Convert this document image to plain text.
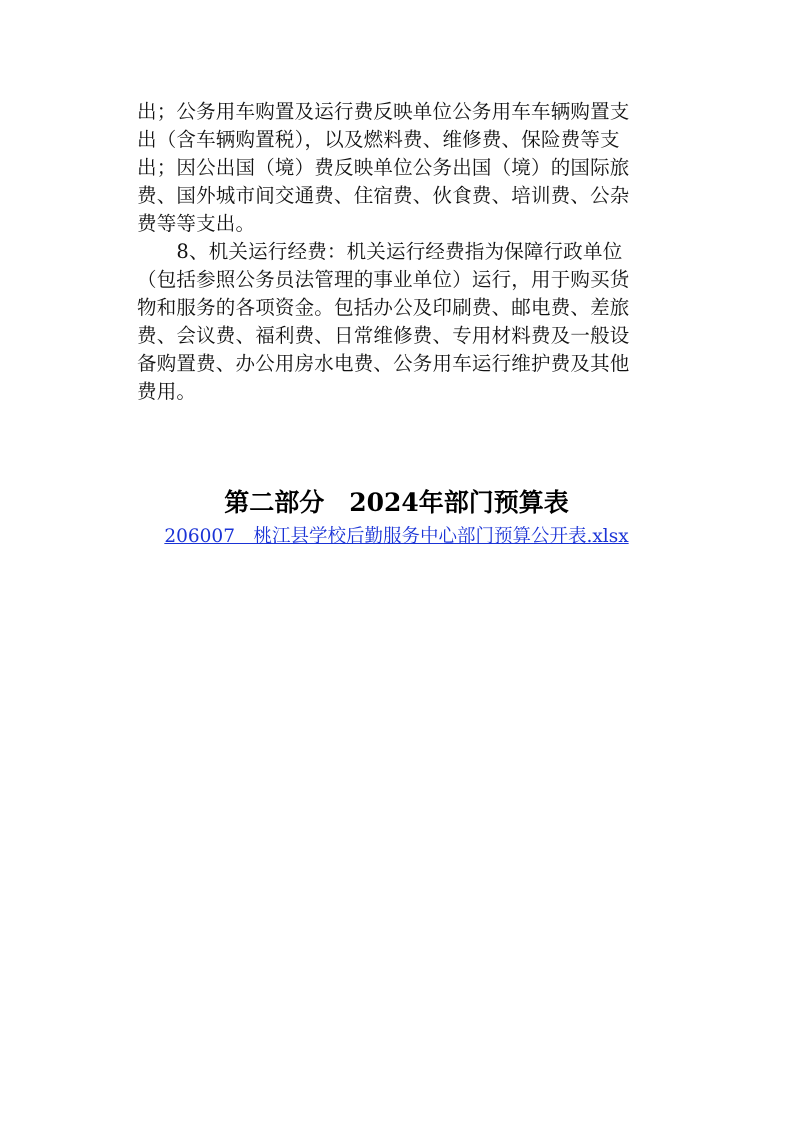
出；公务用车购置及运行费反映单位公务用车车辆购置支
出（含车辆购置税），以及燃料费、维修费、保险费等支
出；因公出国（境）费反映单位公务出国（境）的国际旅
费、国外城市间交通费、住宿费、伙食费、培训费、公杂
费等等支出。
　　8、机关运行经费：机关运行经费指为保障行政单位
（包括参照公务员法管理的事业单位）运行，用于购买货
物和服务的各项资金。包括办公及印刷费、邮电费、差旅
费、会议费、福利费、日常维修费、专用材料费及一般设
备购置费、办公用房水电费、公务用车运行维护费及其他
费用。
第二部分　2024年部门预算表
206007　桃江县学校后勤服务中心部门预算公开表.xlsx
